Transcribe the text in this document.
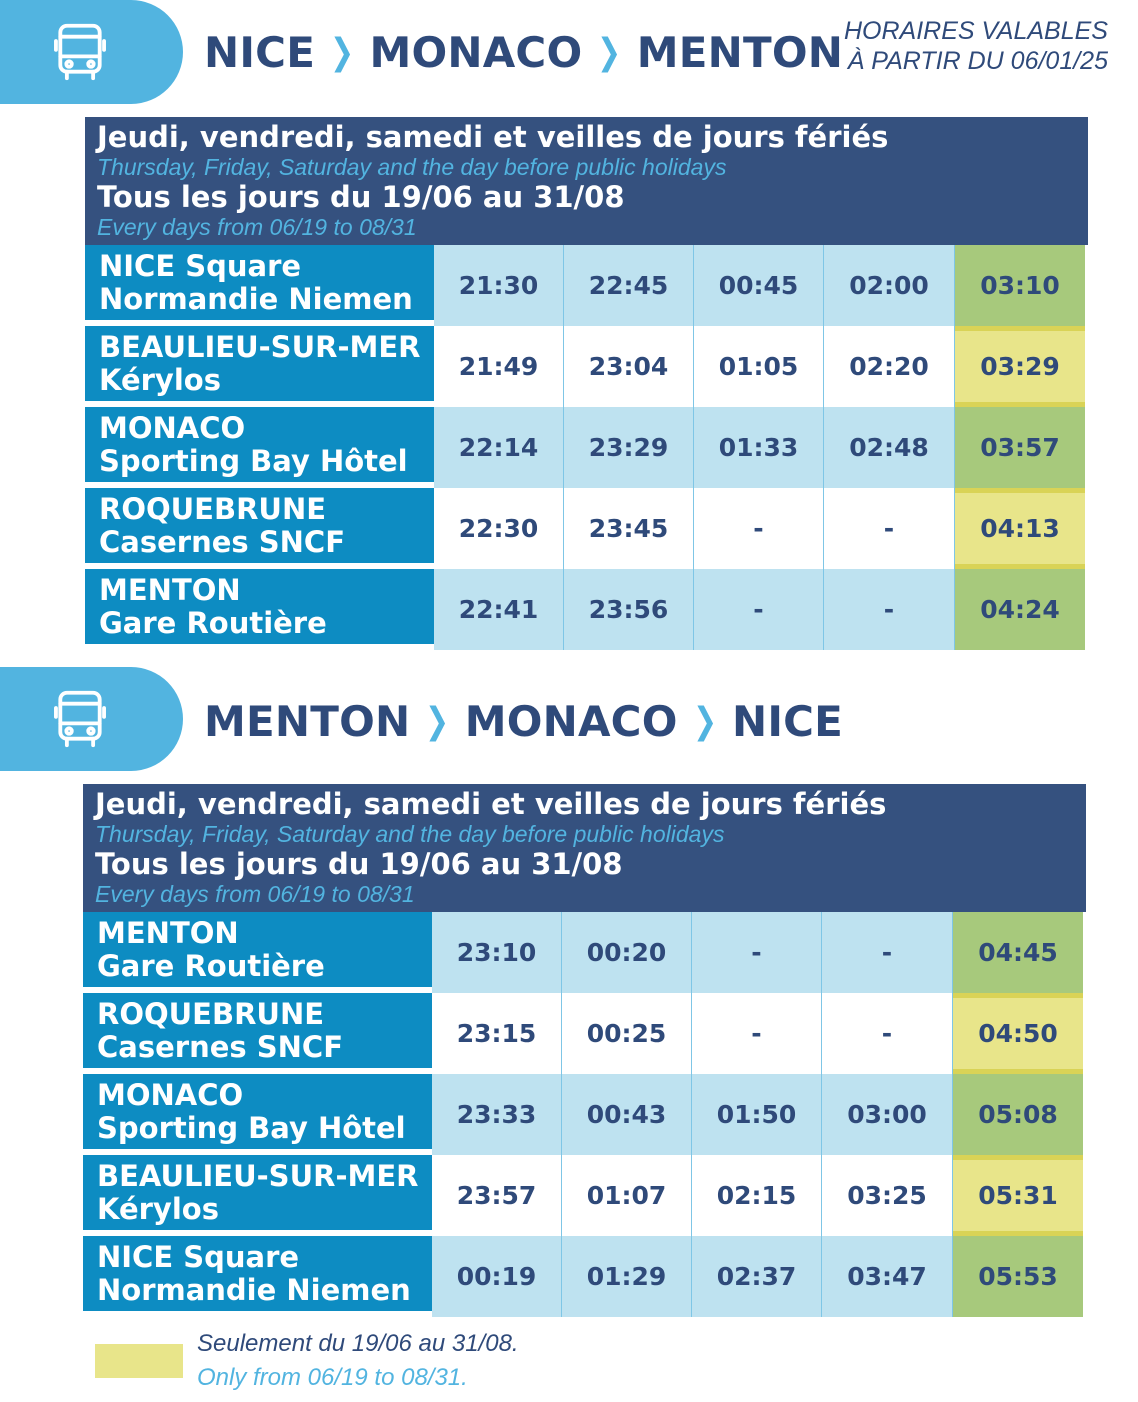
NICE ❯ MONACO ❯ MENTON HORAIRES VALABLES
À PARTIR DU 06/01/25
Jeudi, vendredi, samedi et veilles de jours fériés
Thursday, Friday, Saturday and the day before public holidays
Tous les jours du 19/06 au 31/08
Every days from 06/19 to 08/31
NICE Square
Normandie Niemen	21:30	22:45	00:45	02:00	03:10
BEAULIEU-SUR-MER
Kérylos	21:49	23:04	01:05	02:20	03:29
MONACO
Sporting Bay Hôtel	22:14	23:29	01:33	02:48	03:57
ROQUEBRUNE
Casernes SNCF	22:30	23:45	-	-	04:13
MENTON
Gare Routière	22:41	23:56	-	-	04:24
MENTON ❯ MONACO ❯ NICE
Jeudi, vendredi, samedi et veilles de jours fériés
Thursday, Friday, Saturday and the day before public holidays
Tous les jours du 19/06 au 31/08
Every days from 06/19 to 08/31
MENTON
Gare Routière	23:10	00:20	-	-	04:45
ROQUEBRUNE
Casernes SNCF	23:15	00:25	-	-	04:50
MONACO
Sporting Bay Hôtel	23:33	00:43	01:50	03:00	05:08
BEAULIEU-SUR-MER
Kérylos	23:57	01:07	02:15	03:25	05:31
NICE Square
Normandie Niemen	00:19	01:29	02:37	03:47	05:53
Seulement du 19/06 au 31/08.
Only from 06/19 to 08/31.
